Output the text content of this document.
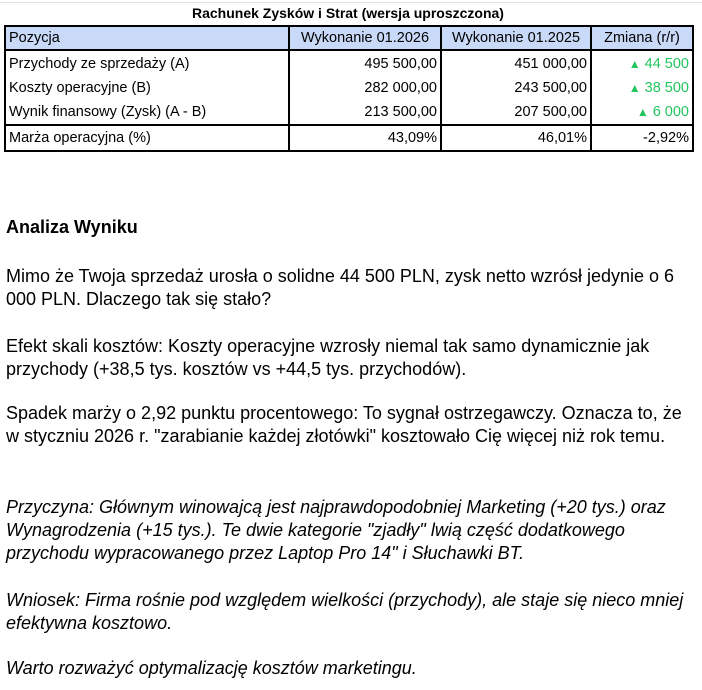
Rachunek Zysków i Strat (wersja uproszczona)
Pozycja	Wykonanie 01.2026	Wykonanie 01.2025	Zmiana (r/r)
Przychody ze sprzedaży (A)	495 500,00	451 000,00	▲ 44 500
Koszty operacyjne (B)	282 000,00	243 500,00	▲ 38 500
Wynik finansowy (Zysk) (A - B)	213 500,00	207 500,00	▲ 6 000
Marża operacyjna (%)	43,09%	46,01%	-2,92%
Analiza Wyniku

Mimo że Twoja sprzedaż urosła o solidne 44 500 PLN, zysk netto wzrósł jedynie o 6 000 PLN. Dlaczego tak się stało?

Efekt skali kosztów: Koszty operacyjne wzrosły niemal tak samo dynamicznie jak przychody (+38,5 tys. kosztów vs +44,5 tys. przychodów).

Spadek marży o 2,92 punktu procentowego: To sygnał ostrzegawczy. Oznacza to, że w styczniu 2026 r. "zarabianie każdej złotówki" kosztowało Cię więcej niż rok temu.

Przyczyna: Głównym winowajcą jest najprawdopodobniej Marketing (+20 tys.) oraz Wynagrodzenia (+15 tys.). Te dwie kategorie "zjadły" lwią część dodatkowego przychodu wypracowanego przez Laptop Pro 14" i Słuchawki BT.

Wniosek: Firma rośnie pod względem wielkości (przychody), ale staje się nieco mniej efektywna kosztowo.

Warto rozważyć optymalizację kosztów marketingu.
